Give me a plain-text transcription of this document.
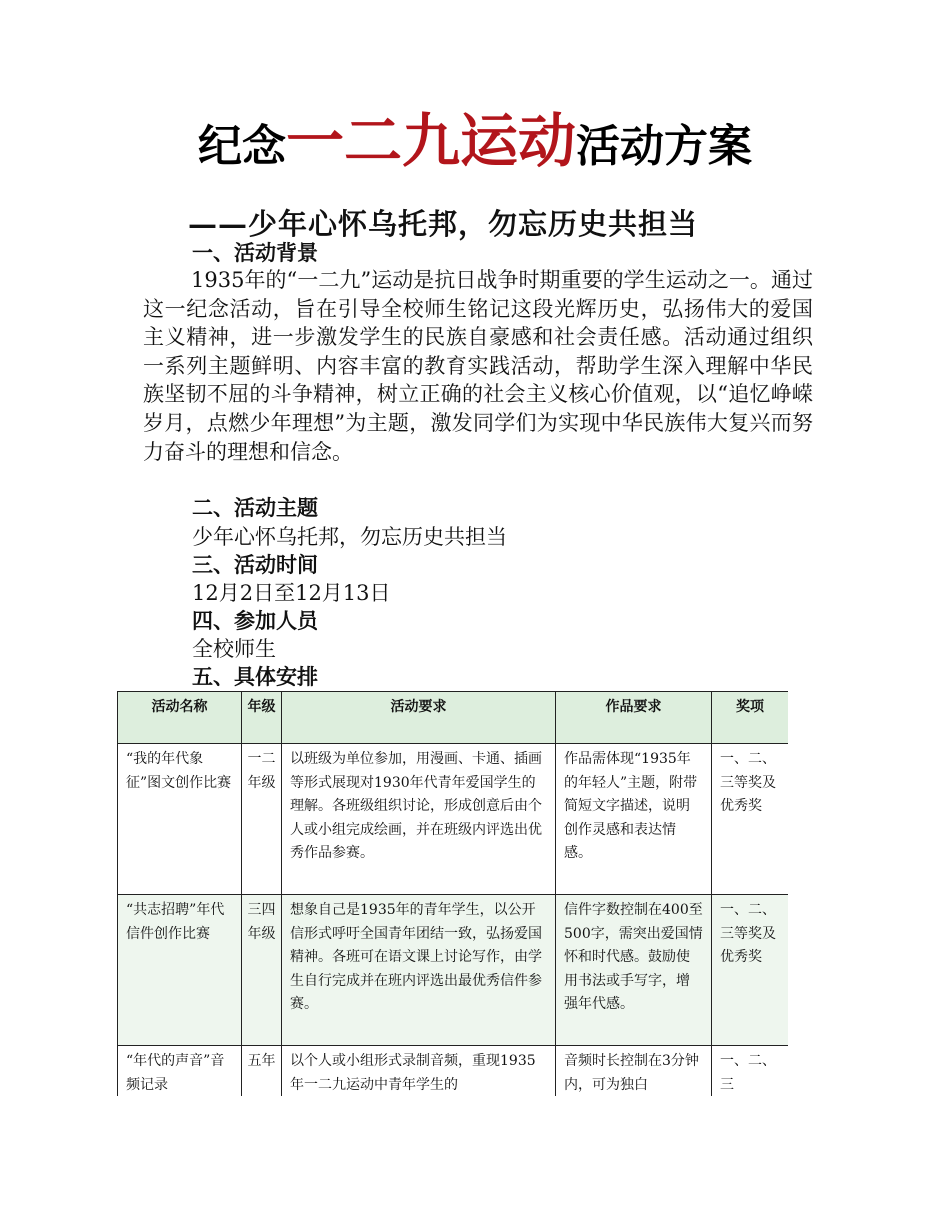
纪念一二九运动活动方案
——少年心怀乌托邦，勿忘历史共担当
一、活动背景
1935年的“一二九”运动是抗日战争时期重要的学生运动之一。通过这一纪念活动，旨在引导全校师生铭记这段光辉历史，弘扬伟大的爱国主义精神，进一步激发学生的民族自豪感和社会责任感。活动通过组织一系列主题鲜明、内容丰富的教育实践活动，帮助学生深入理解中华民族坚韧不屈的斗争精神，树立正确的社会主义核心价值观，以“追忆峥嵘岁月，点燃少年理想”为主题，激发同学们为实现中华民族伟大复兴而努力奋斗的理想和信念。
二、活动主题
少年心怀乌托邦，勿忘历史共担当
三、活动时间
12月2日至12月13日
四、参加人员
全校师生
五、具体安排
活动名称	年级	活动要求	作品要求	奖项
“我的年代象征”图文创作比赛	一二年级	以班级为单位参加，用漫画、卡通、插画等形式展现对1930年代青年爱国学生的理解。各班级组织讨论，形成创意后由个人或小组完成绘画，并在班级内评选出优秀作品参赛。	作品需体现“1935年的年轻人”主题，附带简短文字描述，说明创作灵感和表达情感。	一、二、三等奖及优秀奖
“共志招聘”年代信件创作比赛	三四年级	想象自己是1935年的青年学生，以公开信形式呼吁全国青年团结一致，弘扬爱国精神。各班可在语文课上讨论写作，由学生自行完成并在班内评选出最优秀信件参赛。	信件字数控制在400至500字，需突出爱国情怀和时代感。鼓励使用书法或手写字，增强年代感。	一、二、三等奖及优秀奖
“年代的声音”音频记录	五年	以个人或小组形式录制音频，重现1935年一二九运动中青年学生的	音频时长控制在3分钟内，可为独白	一、二、三
